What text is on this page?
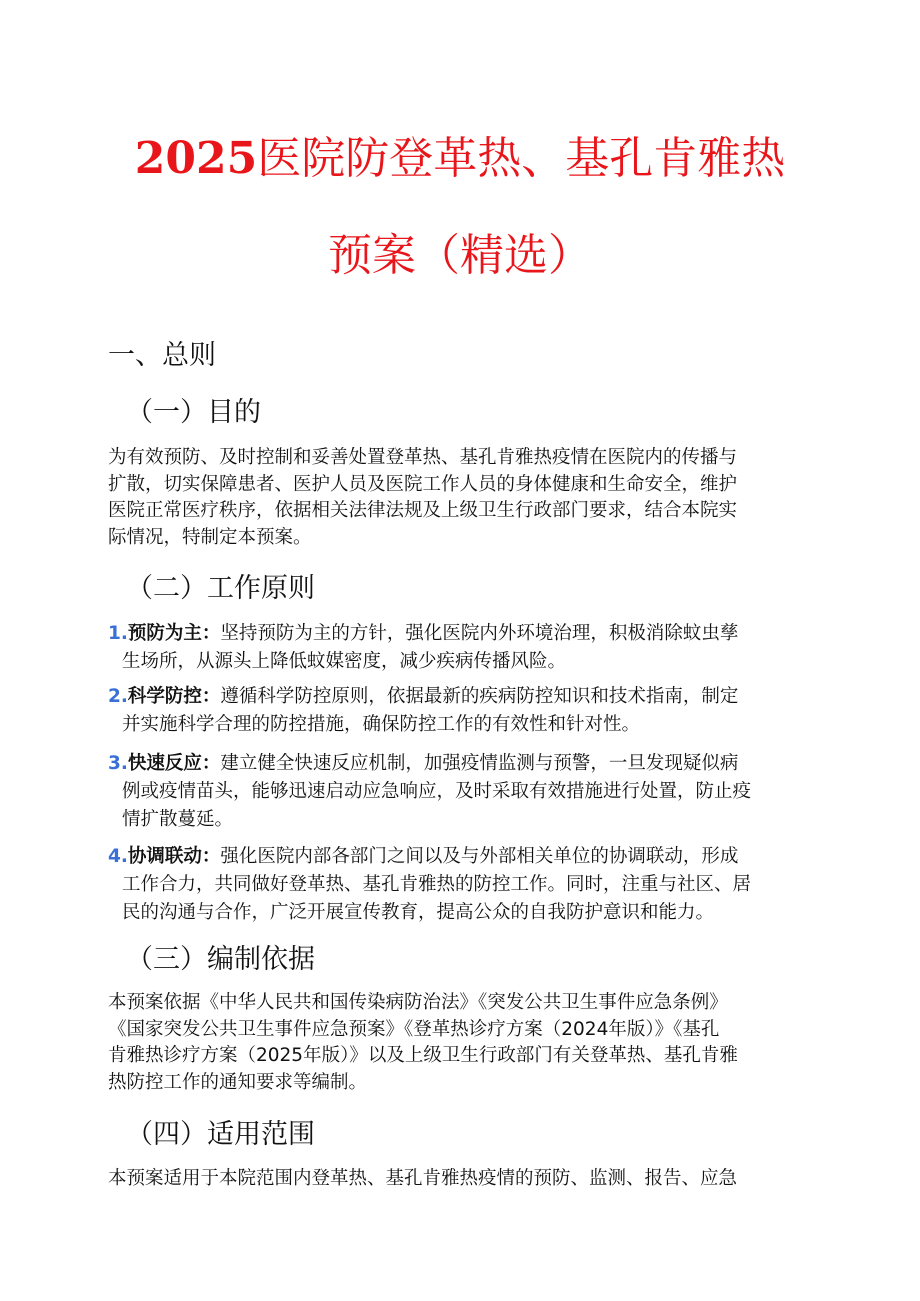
2025医院防登革热、基孔肯雅热
预案（精选）
一、总则
（一）目的
为有效预防、及时控制和妥善处置登革热、基孔肯雅热疫情在医院内的传播与
扩散，切实保障患者、医护人员及医院工作人员的身体健康和生命安全，维护
医院正常医疗秩序，依据相关法律法规及上级卫生行政部门要求，结合本院实
际情况，特制定本预案。
（二）工作原则
1.预防为主：坚持预防为主的方针，强化医院内外环境治理，积极消除蚊虫孳
生场所，从源头上降低蚊媒密度，减少疾病传播风险。
2.科学防控：遵循科学防控原则，依据最新的疾病防控知识和技术指南，制定
并实施科学合理的防控措施，确保防控工作的有效性和针对性。
3.快速反应：建立健全快速反应机制，加强疫情监测与预警，一旦发现疑似病
例或疫情苗头，能够迅速启动应急响应，及时采取有效措施进行处置，防止疫
情扩散蔓延。
4.协调联动：强化医院内部各部门之间以及与外部相关单位的协调联动，形成
工作合力，共同做好登革热、基孔肯雅热的防控工作。同时，注重与社区、居
民的沟通与合作，广泛开展宣传教育，提高公众的自我防护意识和能力。
（三）编制依据
本预案依据《中华人民共和国传染病防治法》《突发公共卫生事件应急条例》
《国家突发公共卫生事件应急预案》《登革热诊疗方案（2024年版）》《基孔
肯雅热诊疗方案（2025年版）》以及上级卫生行政部门有关登革热、基孔肯雅
热防控工作的通知要求等编制。
（四）适用范围
本预案适用于本院范围内登革热、基孔肯雅热疫情的预防、监测、报告、应急
